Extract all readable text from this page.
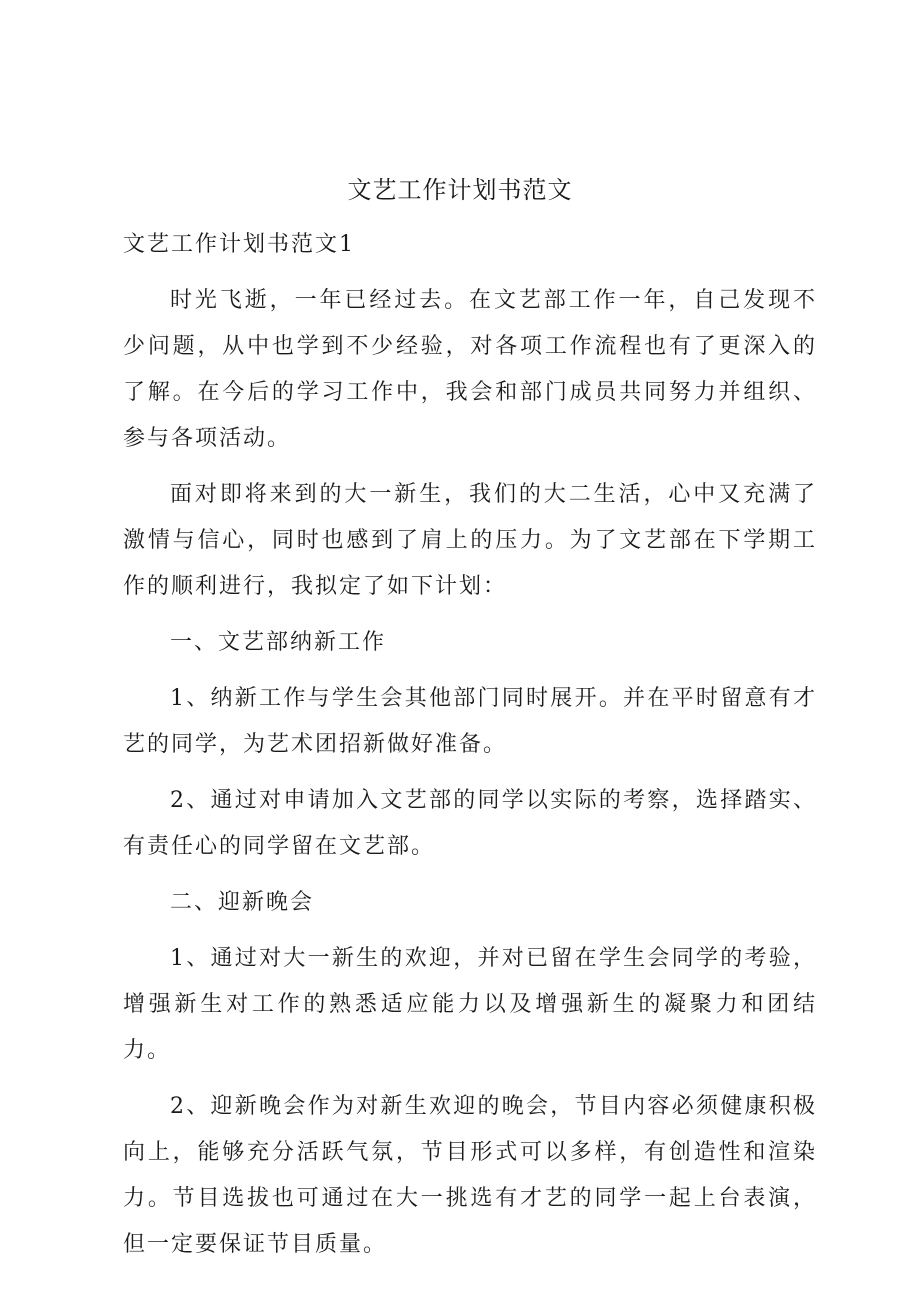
文艺工作计划书范文

文艺工作计划书范文1

时光飞逝，一年已经过去。在文艺部工作一年，自己发现不少问题，从中也学到不少经验，对各项工作流程也有了更深入的了解。在今后的学习工作中，我会和部门成员共同努力并组织、参与各项活动。

面对即将来到的大一新生，我们的大二生活，心中又充满了激情与信心，同时也感到了肩上的压力。为了文艺部在下学期工作的顺利进行，我拟定了如下计划：

一、文艺部纳新工作

1、纳新工作与学生会其他部门同时展开。并在平时留意有才艺的同学，为艺术团招新做好准备。

2、通过对申请加入文艺部的同学以实际的考察，选择踏实、有责任心的同学留在文艺部。

二、迎新晚会

1、通过对大一新生的欢迎，并对已留在学生会同学的考验，增强新生对工作的熟悉适应能力以及增强新生的凝聚力和团结力。

2、迎新晚会作为对新生欢迎的晚会，节目内容必须健康积极向上，能够充分活跃气氛，节目形式可以多样，有创造性和渲染力。节目选拔也可通过在大一挑选有才艺的同学一起上台表演，但一定要保证节目质量。
